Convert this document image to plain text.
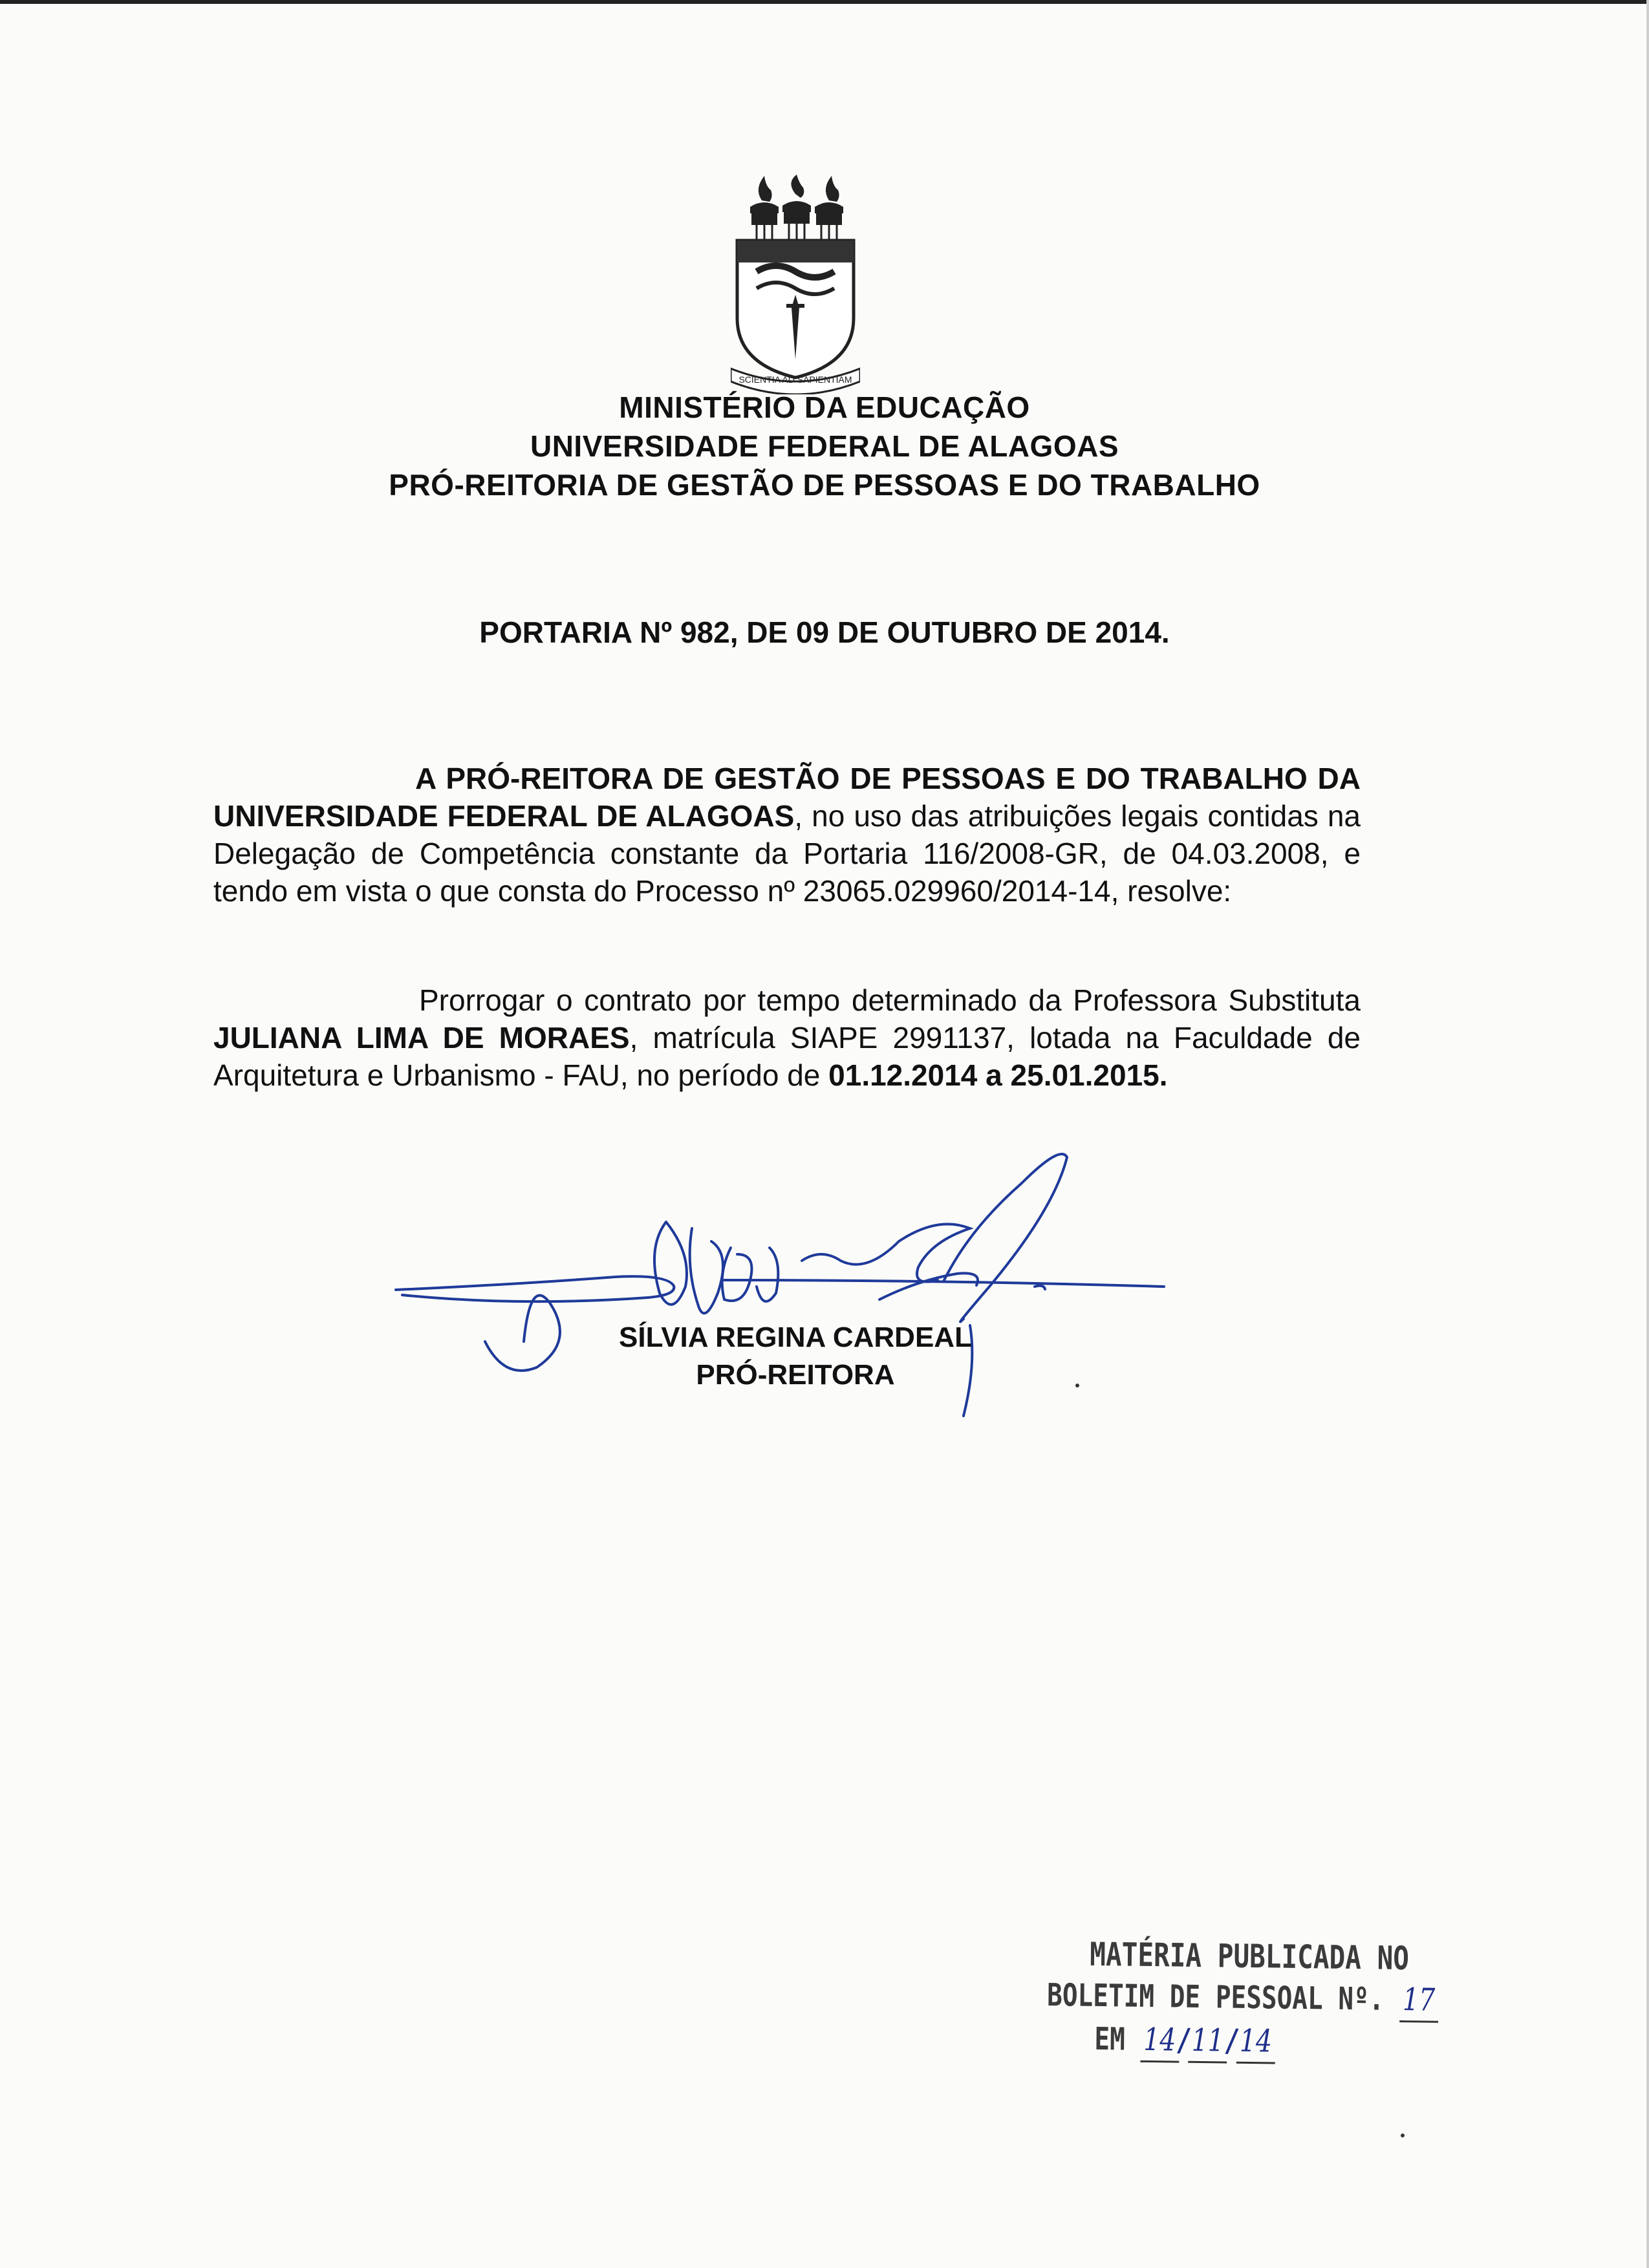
SCIENTIA AD SAPIENTIAM
MINISTÉRIO DA EDUCAÇÃO
UNIVERSIDADE FEDERAL DE ALAGOAS
PRÓ-REITORIA DE GESTÃO DE PESSOAS E DO TRABALHO
PORTARIA Nº 982, DE 09 DE OUTUBRO DE 2014.
A PRÓ-REITORA DE GESTÃO DE PESSOAS E DO TRABALHO DA UNIVERSIDADE FEDERAL DE ALAGOAS, no uso das atribuições legais contidas na Delegação de Competência constante da Portaria 116/2008-GR, de 04.03.2008, e tendo em vista o que consta do Processo nº 23065.029960/2014-14, resolve:
Prorrogar o contrato por tempo determinado da Professora Substituta JULIANA LIMA DE MORAES, matrícula SIAPE 2991137, lotada na Faculdade de Arquitetura e Urbanismo - FAU, no período de 01.12.2014 a 25.01.2015.
SÍLVIA REGINA CARDEAL
PRÓ-REITORA
MATÉRIA PUBLICADA NO
BOLETIM DE PESSOAL Nº. 17
EM 14/11/14
